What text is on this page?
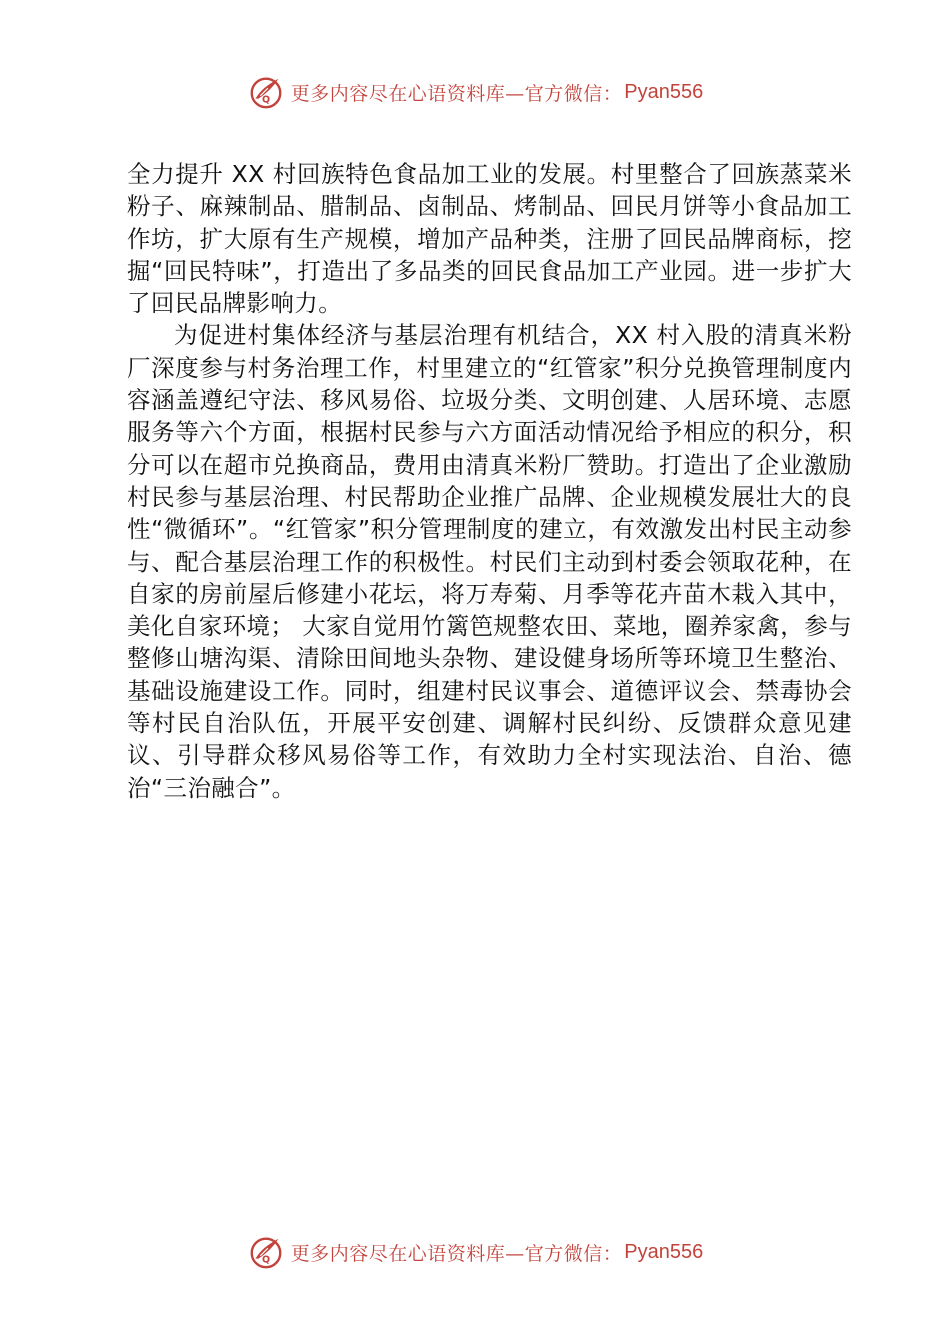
Q 更多内容尽在心语资料库—官方微信： Pyan556

全力提升 XX 村回族特色食品加工业的发展。村里整合了回族蒸菜米粉子、麻辣制品、腊制品、卤制品、烤制品、回民月饼等小食品加工作坊，扩大原有生产规模，增加产品种类，注册了回民品牌商标，挖掘“回民特味”，打造出了多品类的回民食品加工产业园。进一步扩大了回民品牌影响力。

为促进村集体经济与基层治理有机结合，XX 村入股的清真米粉厂深度参与村务治理工作，村里建立的“红管家”积分兑换管理制度内容涵盖遵纪守法、移风易俗、垃圾分类、文明创建、人居环境、志愿服务等六个方面，根据村民参与六方面活动情况给予相应的积分，积分可以在超市兑换商品，费用由清真米粉厂赞助。打造出了企业激励村民参与基层治理、村民帮助企业推广品牌、企业规模发展壮大的良性“微循环”。“红管家”积分管理制度的建立，有效激发出村民主动参与、配合基层治理工作的积极性。村民们主动到村委会领取花种，在自家的房前屋后修建小花坛，将万寿菊、月季等花卉苗木栽入其中，美化自家环境； 大家自觉用竹篱笆规整农田、菜地，圈养家禽，参与整修山塘沟渠、清除田间地头杂物、建设健身场所等环境卫生整治、基础设施建设工作。同时，组建村民议事会、道德评议会、禁毒协会等村民自治队伍，开展平安创建、调解村民纠纷、反馈群众意见建议、引导群众移风易俗等工作，有效助力全村实现法治、自治、德治“三治融合”。

Q 更多内容尽在心语资料库—官方微信： Pyan556
